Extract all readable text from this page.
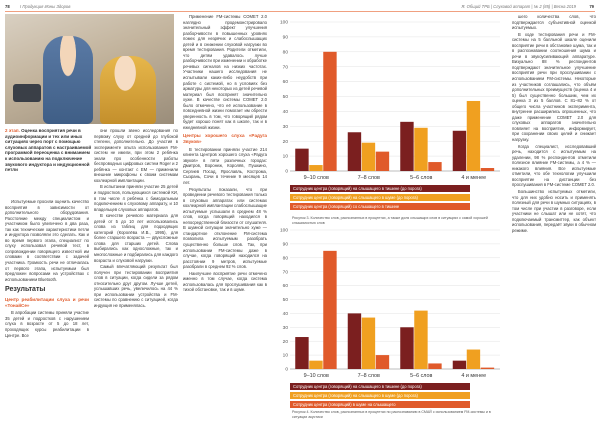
78 I Продукция Ионы Здоров	Я. Общий ТРБ | Слуховой аппарат | № 2 (85) | Весна 2019	79
2 этап. Оценка восприятия речи в аудиоинформации и тех или иных ситуациях через порт с помощью слуховых аппаратов с настраиваемой программой переоценка с вниманием к использованию на подключение звукового индуктора и индукционной петли

Испытуемые просили оценить качество восприятия в зависимости от дополнительного оборудования. Расстояние между специалистом и участником было увеличено в два раза, так как технические характеристики петли и индуктора позволяли это сделать. Как и во время первого этапа, специалист по слуху использовал речевой тест, в сопровождении говорящего известной им словами в соответствии с задачей участника. Громкость речи не отличалась от первого этапа, испытуемым был предложен вопросами на устройствах с использованием Bluetooth.

Результаты
Центр реабилитации слуха и речи «ТонайСе»

В апробации системы приняли участие 35 детей и подростков с нарушением слуха в возрасте от 5 до 18 лет, проходящих курсы реабилитации в Центре. Все

они прошли звено исследования по первому слуху от средней до глубокой степени, дополнительно. До участия в эксперименте опыта использования FM-систем не имели, при этом 2 ребёнка знали про особенности работы беспроводных цифровых систем Roger и 2 ребёнка — контакт с ЕМ — применили внешние микрофоны к своим системам кохлеарной имплантации.

В испытании приняли участие 25 детей и подростков, пользующихся системой КИ, в том числе 4 ребёнка с бимодальным подключением к слуховому аппарату, и 10 владельцев слуховых аппаратов.

В качестве речевого материала для детей от 5 до 10 лет использовались слова из таблиц для подходящих категорий (Королёва И.В., 1995), для более старшего возраста — двухсложные слова для старших детей. Слова выбирались как односложные, так и многосложные и подбирались для каждого возраста и слуховой нагрузки.

Самый впечатляющий результат был получен при тестировании восприятия слов в ситуации, когда сидели за рядом относительно друг другом. Лучше детей, услышавших речь, увеличилось на 44 % при использовании устройства и FM-системы по сравнению с ситуацией, когда индукция не применялась.

Применение FM-системы COMET 2.0 наглядно продемонстрировало значительный эффект улучшения разборчивости в повышенных уровнях помех для незрячих и слабослышащих детей и в снижении слуховой нагрузки во время тестирования. Родители отметили, что детям удавалось лучше разборчивости при изменении и обработке речевых сигналов на низких частотах. Участники нашего исследования не испытывали каких-либо неудобств при работе с системой, но в условиях без арматуры для некоторых из детей речевой материал был воспринят значительно хуже. В качестве системы COMET 2.0 было отмечено, что её использование в повседневной жизни помогает им обрести уверенность в том, что говорящий рядом будет хорошо понят как в школе, так и в ежедневной жизни.

Центры хорошего слуха «Радуга Звуков»

В тестировании приняли участие 214 клиента Центров хорошего слуха «Радуга звуков» в пяти различных городах: Дмитров, Воронеж, Королёв, Пушкино, Сергиев Посад, Ярославль, Кострома, Сызрань, Сочи в течение 9 месяцев 14 лет.

Результаты показали, что при проведении речевого тестирования только в слуховых аппаратах или системах кохлеарной имплантации слабослышащие испытуемые услышали в среднем 48 % слов, когда говорящий находился в непосредственной близости от слушателя. В шумной ситуации значительно хуже — стандартное отклонение FM-система позволила испытуемым разобрать существенно больше слов. Так, при использовании FM-системы даже в случае, когда говорящий находился на расстоянии 9 метров, испытуемые разобрали в среднем 92 % слов.

Наилучшее восприятие речи отмечено именно в том случае, когда система использовалась для прослушивания как в тихой обстановке, так и в шуме.

0
10
20
30
40
50
60
70
80
90
100
9–10 слов	7–8 слов	5–6 слов	4 и менее
Сотрудник центра (говорящий) на слышащего в тишине (до порога)
Сотрудник центра (говорящий) на слышащего в шуме (до порога)
Сотрудник центра (говорящий) со слышащего в тишине
Рисунок 3. Количество слов, распознанных в процентах, а также доля слышащих слов в ситуациях с самой хорошей слышимостью слов
0
10
20
30
40
50
60
70
80
90
100
9–10 слов	7–8 слов	5–6 слов	4 и менее
Сотрудник центра (говорящий) на слышащего в тишине (до порога)
Сотрудник центра (говорящий) на слышащего в шуме (до порога)
Сотрудник центра (говорящий) в шуме на слышащего
Рисунок 4. Количество слов, распознанных в процентах по распознаванию в СМАЙ с использованием FM-системы и в ситуации акустики

шего количества слов, что подтверждается субъективной оценкой испытуемых.

В ходе тестирования речи и FM-системы на 5 балльной шкале оценили восприятие речи в обстановке шума, так и в распознавании соотношения шума и речи в звукоусиливающей аппаратуре. Визуально 88 % респондентов подтверждают значительное улучшение восприятия речи при прослушивании с использованием FM-системы. Некоторые из участников соглашались, что объём дополнительных преимуществ (оценка 4 и 5) был существенно большим, чем их оценка 3 из 5 баллов. С 81–82 % от общего числа участников эксперимента, внутренне расширились опрошенных, что даже применение COMET 2.0 для слуховых аппаратов значительно повлияет на восприятие, информирует, при сохранении своих целей и снижает нагрузку.

Когда специалист, исследовавший речь, находится с испытуемым на удалении, 98 % респондентов отметили полезное влияние FM-системы, а 4 % — никакого влияния. Все испытуемые отметили, что обе технологии улучшили восприятие на дистанции без прослушивания в FM-системе COMET 2.0.

Большинство испытуемых отметили, что для них удобно носить и применять полезный для речи в шумных ситуациях, в том числе при участии в разговоре, если участники не слышат или не хотят, что подключаемый трансмиттер, как объект использования, передаёт звуки в обычном режиме.
